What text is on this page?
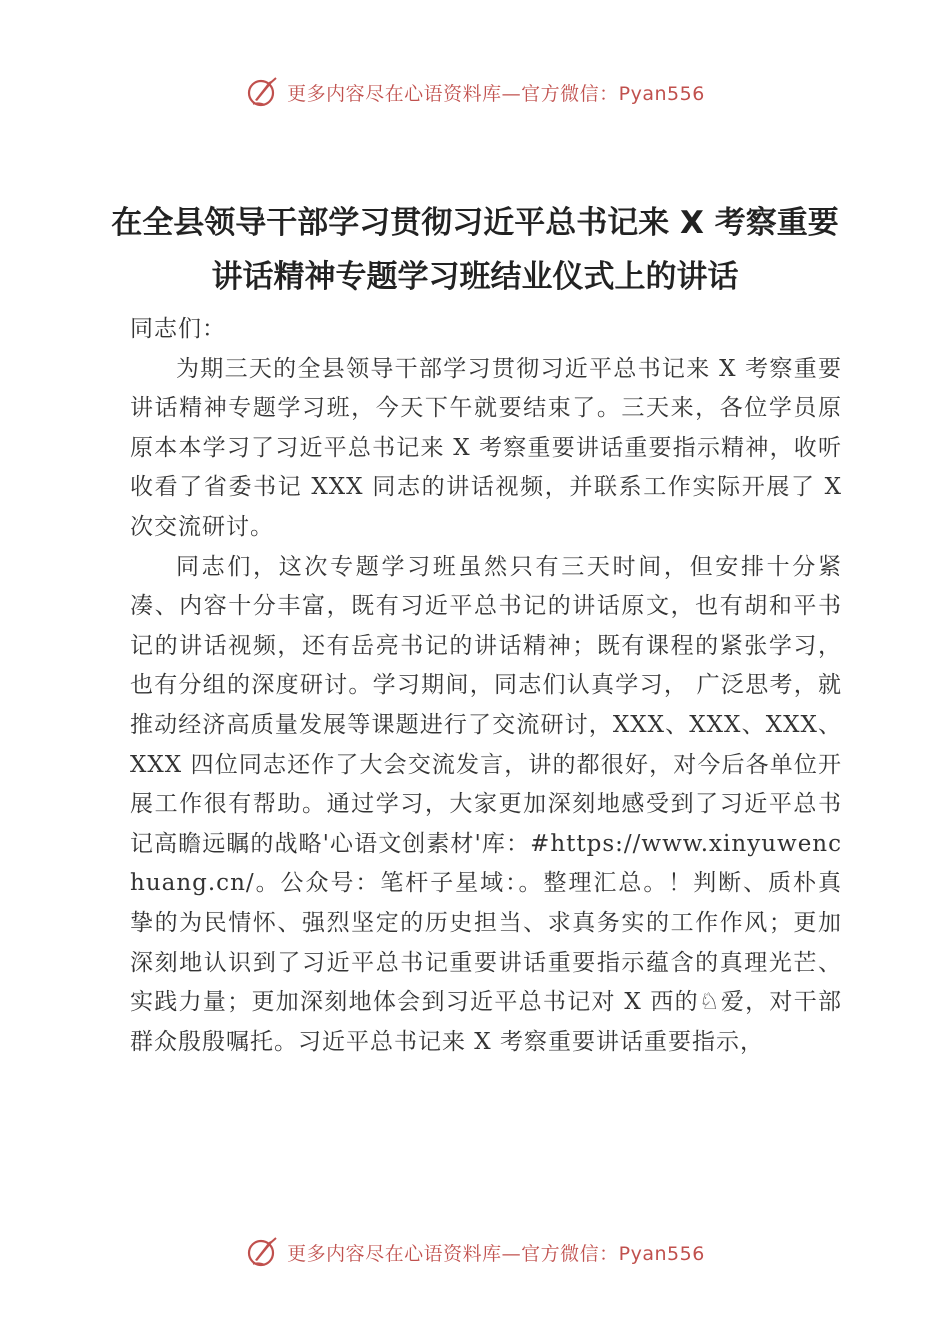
更多内容尽在心语资料库—官方微信：Pyan556
在全县领导干部学习贯彻习近平总书记来 X 考察重要
讲话精神专题学习班结业仪式上的讲话

同志们：

为期三天的全县领导干部学习贯彻习近平总书记来 X 考察重要讲话精神专题学习班，今天下午就要结束了。三天来，各位学员原原本本学习了习近平总书记来 X 考察重要讲话重要指示精神，收听收看了省委书记 XXX 同志的讲话视频，并联系工作实际开展了 X 次交流研讨。

同志们，这次专题学习班虽然只有三天时间，但安排十分紧凑、内容十分丰富，既有习近平总书记的讲话原文，也有胡和平书记的讲话视频，还有岳亮书记的讲话精神；既有课程的紧张学习，也有分组的深度研讨。学习期间，同志们认真学习， 广泛思考，就推动经济高质量发展等课题进行了交流研讨，XXX、XXX、XXX、XXX 四位同志还作了大会交流发言，讲的都很好，对今后各单位开展工作很有帮助。通过学习，大家更加深刻地感受到了习近平总书记高瞻远瞩的战略'心语文创素材'库：#https://www.xinyuwenchuang.cn/。公众号：笔杆子星域：。整理汇总。！判断、质朴真挚的为民情怀、强烈坚定的历史担当、求真务实的工作作风；更加深刻地认识到了习近平总书记重要讲话重要指示蕴含的真理光芒、实践力量；更加深刻地体会到习近平总书记对 X 西的♘爱，对干部群众殷殷嘱托。习近平总书记来 X 考察重要讲话重要指示，

更多内容尽在心语资料库—官方微信：Pyan556
